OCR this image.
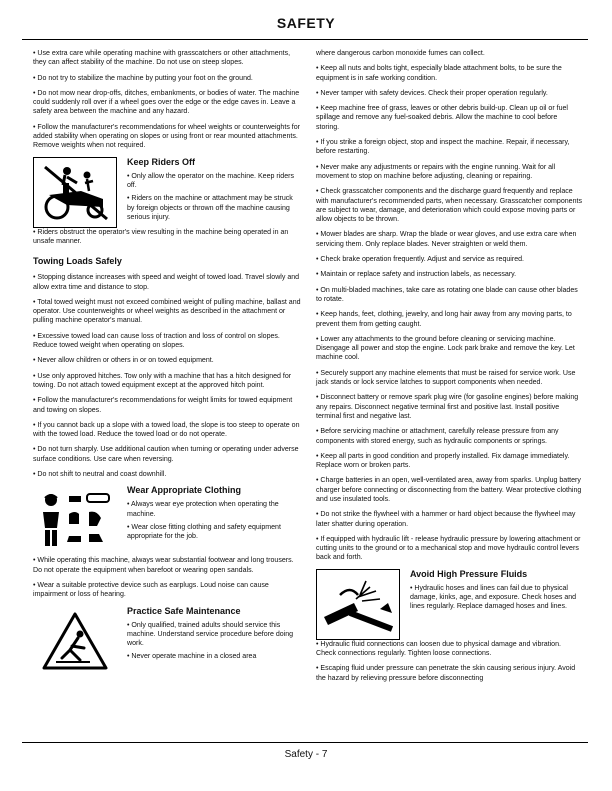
SAFETY

• Use extra care while operating machine with grasscatchers or other attachments, they can affect stability of the machine. Do not use on steep slopes.

• Do not try to stabilize the machine by putting your foot on the ground.

• Do not mow near drop-offs, ditches, embankments, or bodies of water. The machine could suddenly roll over if a wheel goes over the edge or the edge caves in. Leave a safety area between the machine and any hazard.

• Follow the manufacturer's recommendations for wheel weights or counterweights for added stability when operating on slopes or using front or rear mounted attachments. Remove weights when not required.

Keep Riders Off

• Only allow the operator on the machine. Keep riders off.

• Riders on the machine or attachment may be struck by foreign objects or thrown off the machine causing serious injury.

• Riders obstruct the operator's view resulting in the machine being operated in an unsafe manner.

Towing Loads Safely

• Stopping distance increases with speed and weight of towed load. Travel slowly and allow extra time and distance to stop.

• Total towed weight must not exceed combined weight of pulling machine, ballast and operator. Use counterweights or wheel weights as described in the attachment or pulling machine operator's manual.

• Excessive towed load can cause loss of traction and loss of control on slopes. Reduce towed weight when operating on slopes.

• Never allow children or others in or on towed equipment.

• Use only approved hitches. Tow only with a machine that has a hitch designed for towing. Do not attach towed equipment except at the approved hitch point.

• Follow the manufacturer's recommendations for weight limits for towed equipment and towing on slopes.

• If you cannot back up a slope with a towed load, the slope is too steep to operate on with the towed load. Reduce the towed load or do not operate.

• Do not turn sharply. Use additional caution when turning or operating under adverse surface conditions. Use care when reversing.

• Do not shift to neutral and coast downhill.

Wear Appropriate Clothing

• Always wear eye protection when operating the machine.

• Wear close fitting clothing and safety equipment appropriate for the job.

• While operating this machine, always wear substantial footwear and long trousers. Do not operate the equipment when barefoot or wearing open sandals.

• Wear a suitable protective device such as earplugs. Loud noise can cause impairment or loss of hearing.

Practice Safe Maintenance

• Only qualified, trained adults should service this machine. Understand service procedure before doing work.

• Never operate machine in a closed area

where dangerous carbon monoxide fumes can collect.

• Keep all nuts and bolts tight, especially blade attachment bolts, to be sure the equipment is in safe working condition.

• Never tamper with safety devices. Check their proper operation regularly.

• Keep machine free of grass, leaves or other debris build-up. Clean up oil or fuel spillage and remove any fuel-soaked debris. Allow the machine to cool before storing.

• If you strike a foreign object, stop and inspect the machine. Repair, if necessary, before restarting.

• Never make any adjustments or repairs with the engine running. Wait for all movement to stop on machine before adjusting, cleaning or repairing.

• Check grasscatcher components and the discharge guard frequently and replace with manufacturer's recommended parts, when necessary. Grasscatcher components are subject to wear, damage, and deterioration which could expose moving parts or allow objects to be thrown.

• Mower blades are sharp. Wrap the blade or wear gloves, and use extra care when servicing them. Only replace blades. Never straighten or weld them.

• Check brake operation frequently. Adjust and service as required.

• Maintain or replace safety and instruction labels, as necessary.

• On multi-bladed machines, take care as rotating one blade can cause other blades to rotate.

• Keep hands, feet, clothing, jewelry, and long hair away from any moving parts, to prevent them from getting caught.

• Lower any attachments to the ground before cleaning or servicing machine. Disengage all power and stop the engine. Lock park brake and remove the key. Let machine cool.

• Securely support any machine elements that must be raised for service work. Use jack stands or lock service latches to support components when needed.

• Disconnect battery or remove spark plug wire (for gasoline engines) before making any repairs. Disconnect negative terminal first and positive last. Install positive terminal first and negative last.

• Before servicing machine or attachment, carefully release pressure from any components with stored energy, such as hydraulic components or springs.

• Keep all parts in good condition and properly installed. Fix damage immediately. Replace worn or broken parts.

• Charge batteries in an open, well-ventilated area, away from sparks. Unplug battery charger before connecting or disconnecting from the battery. Wear protective clothing and use insulated tools.

• Do not strike the flywheel with a hammer or hard object because the flywheel may later shatter during operation.

• If equipped with hydraulic lift - release hydraulic pressure by lowering attachment or cutting units to the ground or to a mechanical stop and move hydraulic control levers back and forth.

Avoid High Pressure Fluids

• Hydraulic hoses and lines can fail due to physical damage, kinks, age, and exposure. Check hoses and lines regularly. Replace damaged hoses and lines.

• Hydraulic fluid connections can loosen due to physical damage and vibration. Check connections regularly. Tighten loose connections.

• Escaping fluid under pressure can penetrate the skin causing serious injury. Avoid the hazard by relieving pressure before disconnecting

Safety - 7
